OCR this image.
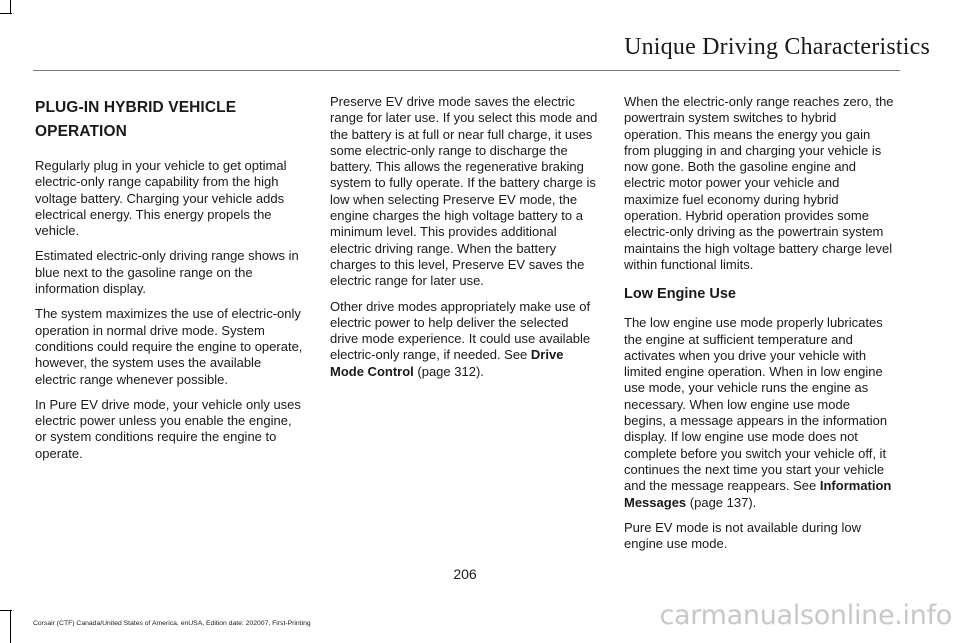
Unique Driving Characteristics
PLUG-IN HYBRID VEHICLE
OPERATION

Regularly plug in your vehicle to get optimal electric-only range capability from the high voltage battery. Charging your vehicle adds electrical energy. This energy propels the vehicle.

Estimated electric-only driving range shows in blue next to the gasoline range on the information display.

The system maximizes the use of electric-only operation in normal drive mode. System conditions could require the engine to operate, however, the system uses the available electric range whenever possible.

In Pure EV drive mode, your vehicle only uses electric power unless you enable the engine, or system conditions require the engine to operate.

Preserve EV drive mode saves the electric range for later use. If you select this mode and the battery is at full or near full charge, it uses some electric-only range to discharge the battery. This allows the regenerative braking system to fully operate. If the battery charge is low when selecting Preserve EV mode, the engine charges the high voltage battery to a minimum level. This provides additional electric driving range. When the battery charges to this level, Preserve EV saves the electric range for later use.

Other drive modes appropriately make use of electric power to help deliver the selected drive mode experience. It could use available electric-only range, if needed. See Drive Mode Control (page 312).

When the electric-only range reaches zero, the powertrain system switches to hybrid operation. This means the energy you gain from plugging in and charging your vehicle is now gone. Both the gasoline engine and electric motor power your vehicle and maximize fuel economy during hybrid operation. Hybrid operation provides some electric-only driving as the powertrain system maintains the high voltage battery charge level within functional limits.

Low Engine Use

The low engine use mode properly lubricates the engine at sufficient temperature and activates when you drive your vehicle with limited engine operation. When in low engine use mode, your vehicle runs the engine as necessary. When low engine use mode begins, a message appears in the information display. If low engine use mode does not complete before you switch your vehicle off, it continues the next time you start your vehicle and the message reappears. See Information Messages (page 137).

Pure EV mode is not available during low engine use mode.

206
Corsair (CTF) Canada/United States of America, enUSA, Edition date: 202007, First-Printing	carmanualsonline.info
